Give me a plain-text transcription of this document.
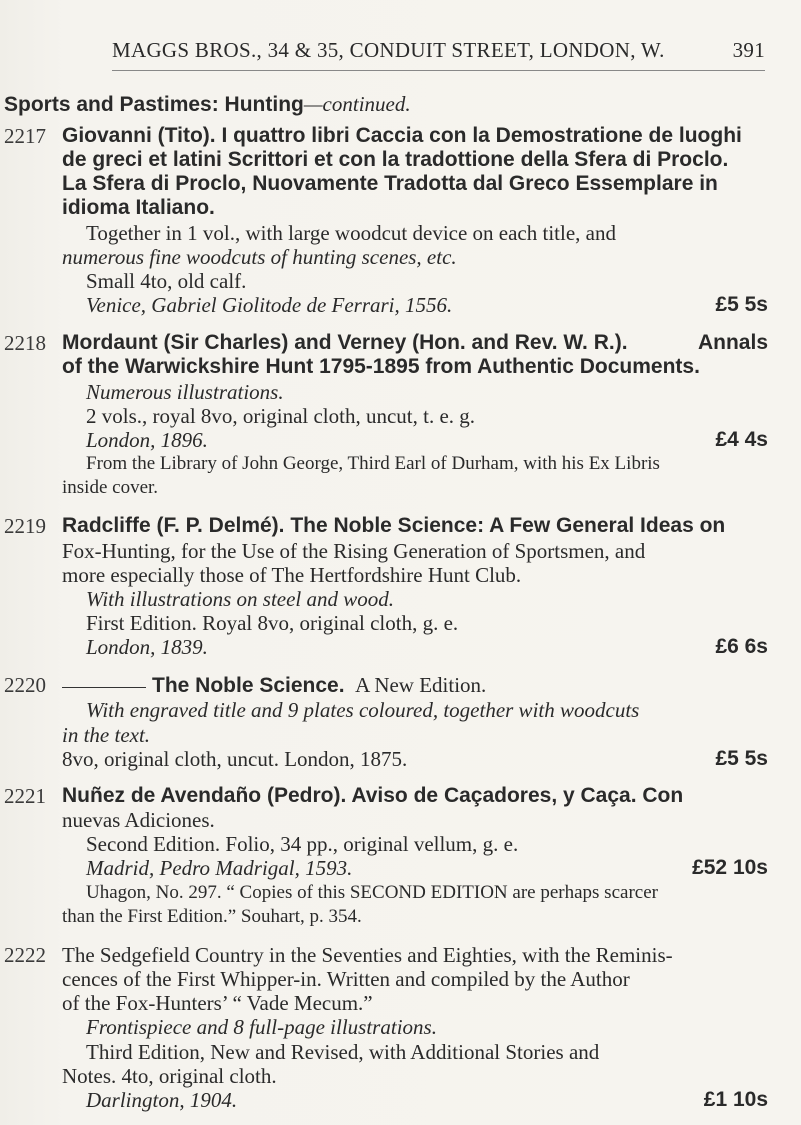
MAGGS BROS., 34 & 35, CONDUIT STREET, LONDON, W.	391
Sports and Pastimes: Hunting—continued.
2217 Giovanni (Tito). I quattro libri Caccia con la Demostratione de luoghi
de greci et latini Scrittori et con la tradottione della Sfera di Proclo.
La Sfera di Proclo, Nuovamente Tradotta dal Greco Essemplare in
idioma Italiano.
Together in 1 vol., with large woodcut device on each title, and
numerous fine woodcuts of hunting scenes, etc.
Small 4to, old calf.
Venice, Gabriel Giolitode de Ferrari, 1556.	£5 5s
2218 Mordaunt (Sir Charles) and Verney (Hon. and Rev. W. R.).	Annals
of the Warwickshire Hunt 1795-1895 from Authentic Documents.
Numerous illustrations.
2 vols., royal 8vo, original cloth, uncut, t. e. g.
London, 1896.	£4 4s
From the Library of John George, Third Earl of Durham, with his Ex Libris
inside cover.
2219 Radcliffe (F. P. Delmé). The Noble Science: A Few General Ideas on
Fox-Hunting, for the Use of the Rising Generation of Sportsmen, and
more especially those of The Hertfordshire Hunt Club.
With illustrations on steel and wood.
First Edition. Royal 8vo, original cloth, g. e.
London, 1839.	£6 6s
2220	The Noble Science. A New Edition.
With engraved title and 9 plates coloured, together with woodcuts
in the text.
8vo, original cloth, uncut. London, 1875.	£5 5s
2221 Nuñez de Avendaño (Pedro). Aviso de Caçadores, y Caça. Con
nuevas Adiciones.
Second Edition. Folio, 34 pp., original vellum, g. e.
Madrid, Pedro Madrigal, 1593.	£52 10s
Uhagon, No. 297. “ Copies of this SECOND EDITION are perhaps scarcer
than the First Edition.” Souhart, p. 354.
2222 The Sedgefield Country in the Seventies and Eighties, with the Reminis-
cences of the First Whipper-in. Written and compiled by the Author
of the Fox-Hunters’ “ Vade Mecum.”
Frontispiece and 8 full-page illustrations.
Third Edition, New and Revised, with Additional Stories and
Notes. 4to, original cloth.
Darlington, 1904.	£1 10s
